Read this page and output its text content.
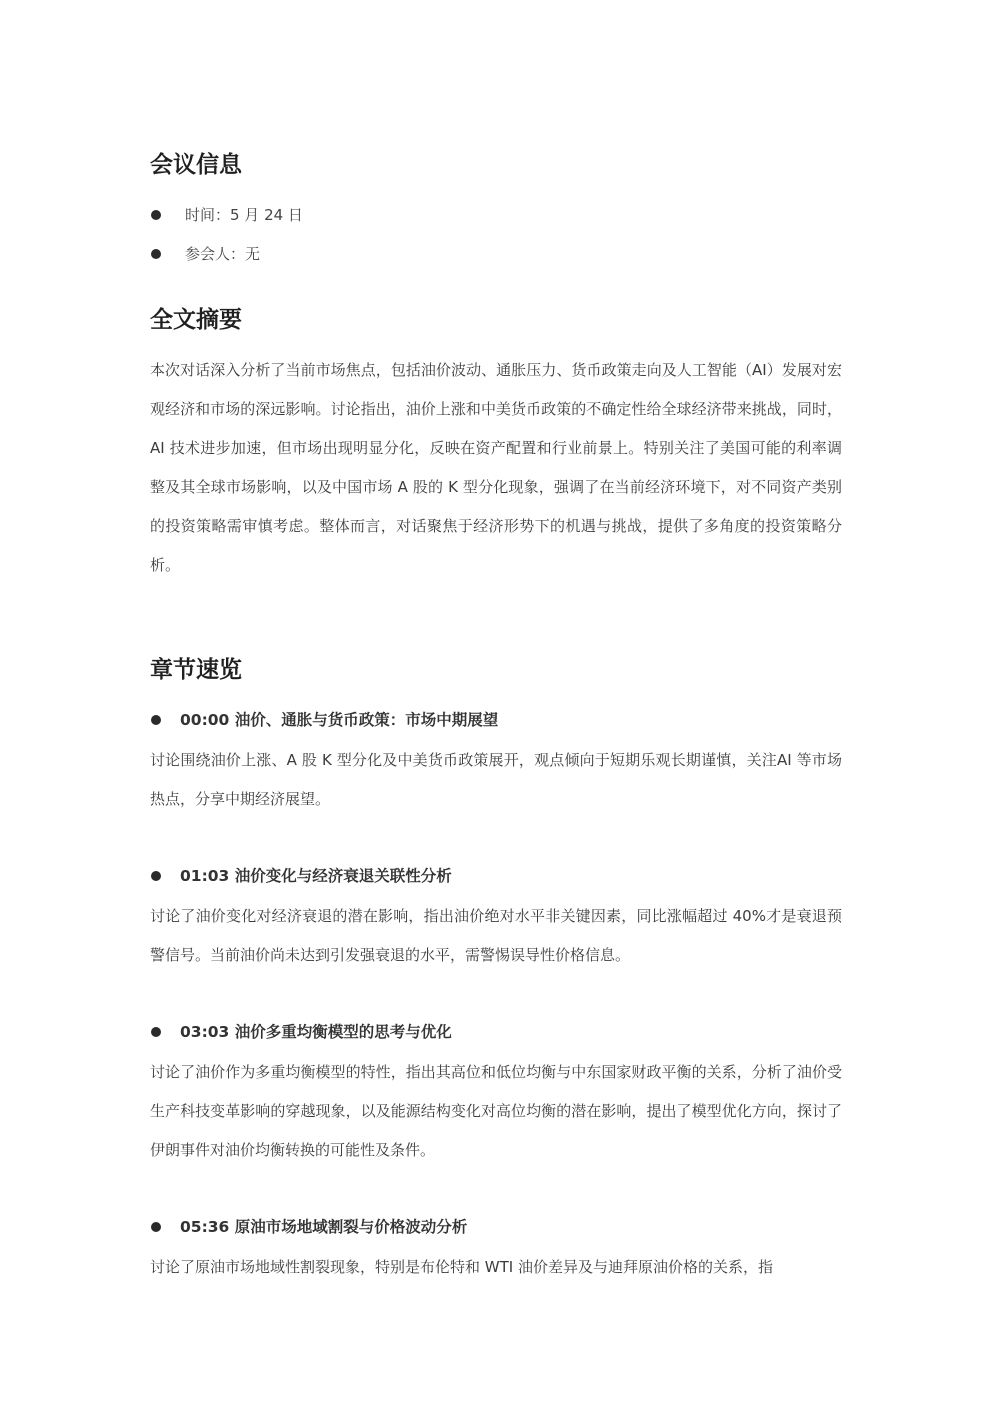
会议信息
时间：5 月 24 日
参会人：无
全文摘要

本次对话深入分析了当前市场焦点，包括油价波动、通胀压力、货币政策走向及人工智能（AI）发展对宏观经济和市场的深远影响。讨论指出，油价上涨和中美货币政策的不确定性给全球经济带来挑战，同时，AI 技术进步加速，但市场出现明显分化，反映在资产配置和行业前景上。特别关注了美国可能的利率调整及其全球市场影响，以及中国市场 A 股的 K 型分化现象，强调了在当前经济环境下，对不同资产类别的投资策略需审慎考虑。整体而言，对话聚焦于经济形势下的机遇与挑战，提供了多角度的投资策略分析。

章节速览
00:00 油价、通胀与货币政策：市场中期展望

讨论围绕油价上涨、A 股 K 型分化及中美货币政策展开，观点倾向于短期乐观长期谨慎，关注AI 等市场热点，分享中期经济展望。

01:03 油价变化与经济衰退关联性分析

讨论了油价变化对经济衰退的潜在影响，指出油价绝对水平非关键因素，同比涨幅超过 40%才是衰退预警信号。当前油价尚未达到引发强衰退的水平，需警惕误导性价格信息。

03:03 油价多重均衡模型的思考与优化

讨论了油价作为多重均衡模型的特性，指出其高位和低位均衡与中东国家财政平衡的关系，分析了油价受生产科技变革影响的穿越现象，以及能源结构变化对高位均衡的潜在影响，提出了模型优化方向，探讨了伊朗事件对油价均衡转换的可能性及条件。

05:36 原油市场地域割裂与价格波动分析

讨论了原油市场地域性割裂现象，特别是布伦特和 WTI 油价差异及与迪拜原油价格的关系，指
